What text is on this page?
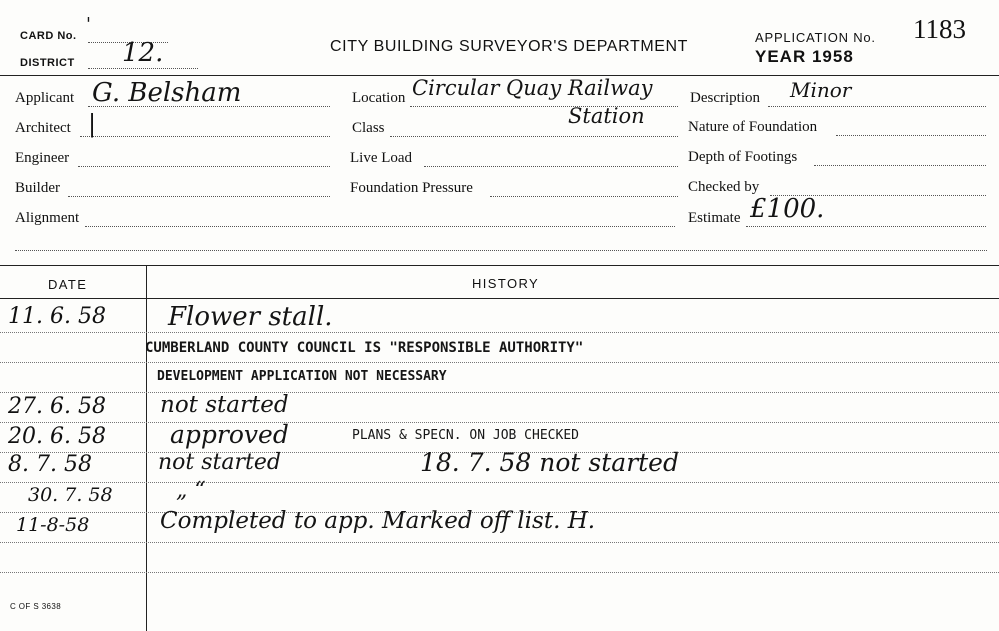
CARD No.
'
DISTRICT 12.	CITY BUILDING SURVEYOR'S DEPARTMENT
APPLICATION No. 1183
YEAR 1958
Applicant G. Belsham
Architect |
Engineer
Builder
Alignment
Location Circular Quay Railway
Station
Class
Live Load
Foundation Pressure
Description Minor
Nature of Foundation
Depth of Footings
Checked by
Estimate £100.
DATE	HISTORY
11. 6. 58 Flower stall.
CUMBERLAND COUNTY COUNCIL IS "RESPONSIBLE AUTHORITY"
DEVELOPMENT APPLICATION NOT NECESSARY
27. 6. 58 not started
20. 6. 58	approved	PLANS & SPECN. ON JOB CHECKED
8. 7. 58	not started	18. 7. 58 not started
30. 7. 58	„ “
11-8-58	Completed to app. Marked off list. H.
C OF S 3638
